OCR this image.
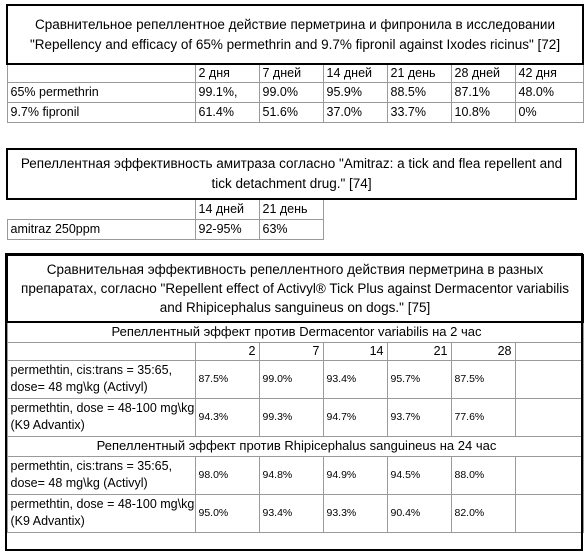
Сравнительное репеллентное действие перметрина и фипронила в исследовании "Repellency and efficacy of 65% permethrin and 9.7% fipronil against Ixodes ricinus" [72]						
	2 дня	7 дней	14 дней	21 день	28 дней	42 дня
65% permethrin	99.1%,	99.0%	95.9%	88.5%	87.1%	48.0%
9.7% fipronil	61.4%	51.6%	37.0%	33.7%	10.8%	0%
Репеллентная эффективность амитраза согласно "Amitraz: a tick and flea repellent and tick detachment drug." [74]			
	14 дней	21 день	
amitraz 250ppm	92-95%	63%	
Сравнительная эффективность репеллентного действия перметрина в разных препаратах, согласно "Repellent effect of Activyl® Tick Plus against Dermacentor variabilis and Rhipicephalus sanguineus on dogs." [75]						
Репеллентный эффект против Dermacentor variabilis на 2 час						
	2	7	14	21	28	
permethtin, cis:trans = 35:65, dose= 48 mg\kg (Activyl)	87.5%	99.0%	93.4%	95.7%	87.5%	
permethtin, dose = 48-100 mg\kg (K9 Advantix)	94.3%	99.3%	94.7%	93.7%	77.6%	
Репеллентный эффект против Rhipicephalus sanguineus на 24 час						
permethtin, cis:trans = 35:65, dose= 48 mg\kg (Activyl)	98.0%	94.8%	94.9%	94.5%	88.0%	
permethtin, dose = 48-100 mg\kg (K9 Advantix)	95.0%	93.4%	93.3%	90.4%	82.0%	
